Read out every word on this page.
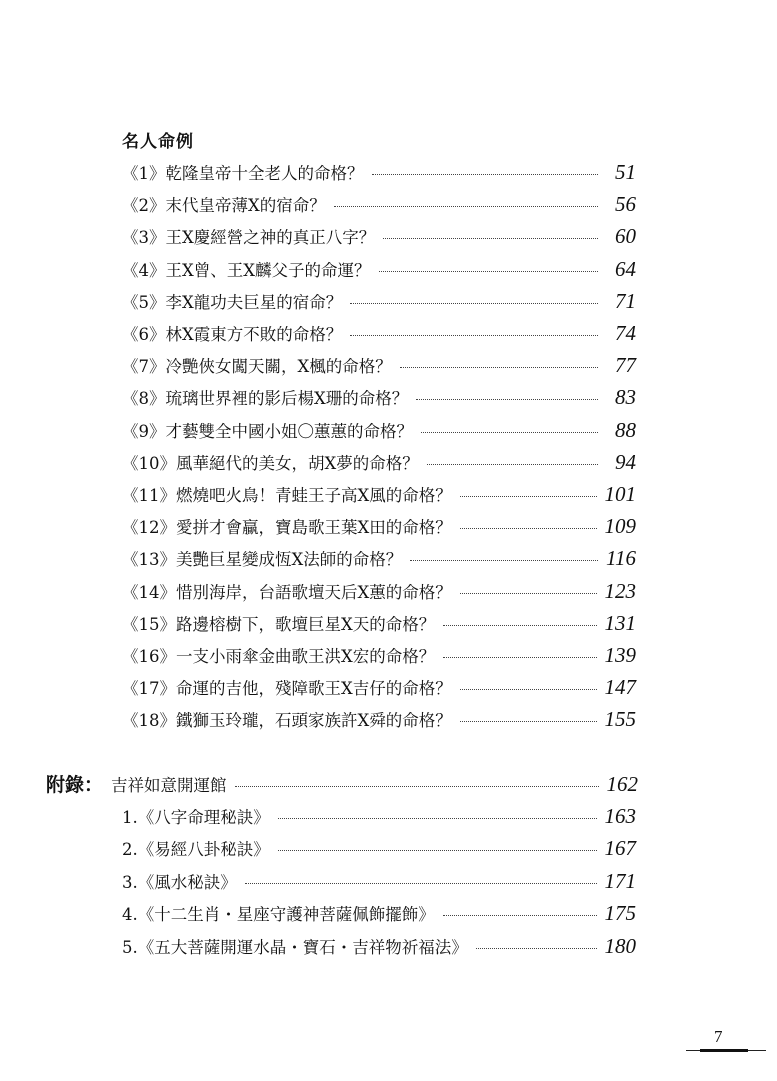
名人命例
《1》乾隆皇帝十全老人的命格？	51
《2》末代皇帝薄X的宿命？	56
《3》王X慶經營之神的真正八字？	60
《4》王X曾、王X麟父子的命運？	64
《5》李X龍功夫巨星的宿命？	71
《6》林X霞東方不敗的命格？	74
《7》冷艷俠女闖天關，X楓的命格？	77
《8》琉璃世界裡的影后楊X珊的命格？	83
《9》才藝雙全中國小姐〇蕙蕙的命格？	88
《10》風華絕代的美女，胡X夢的命格？	94
《11》燃燒吧火鳥！青蛙王子高X風的命格？	101
《12》愛拼才會贏，寶島歌王葉X田的命格？	109
《13》美艷巨星變成恆X法師的命格？	116
《14》惜別海岸，台語歌壇天后X蕙的命格？	123
《15》路邊榕樹下，歌壇巨星X天的命格？	131
《16》一支小雨傘金曲歌王洪X宏的命格？	139
《17》命運的吉他，殘障歌王X吉仔的命格？	147
《18》鐵獅玉玲瓏，石頭家族許X舜的命格？	155
附錄： 吉祥如意開運館	162
1.《八字命理秘訣》	163
2.《易經八卦秘訣》	167
3.《風水秘訣》	171
4.《十二生肖・星座守護神菩薩佩飾擺飾》	175
5.《五大菩薩開運水晶・寶石・吉祥物祈福法》	180
7
